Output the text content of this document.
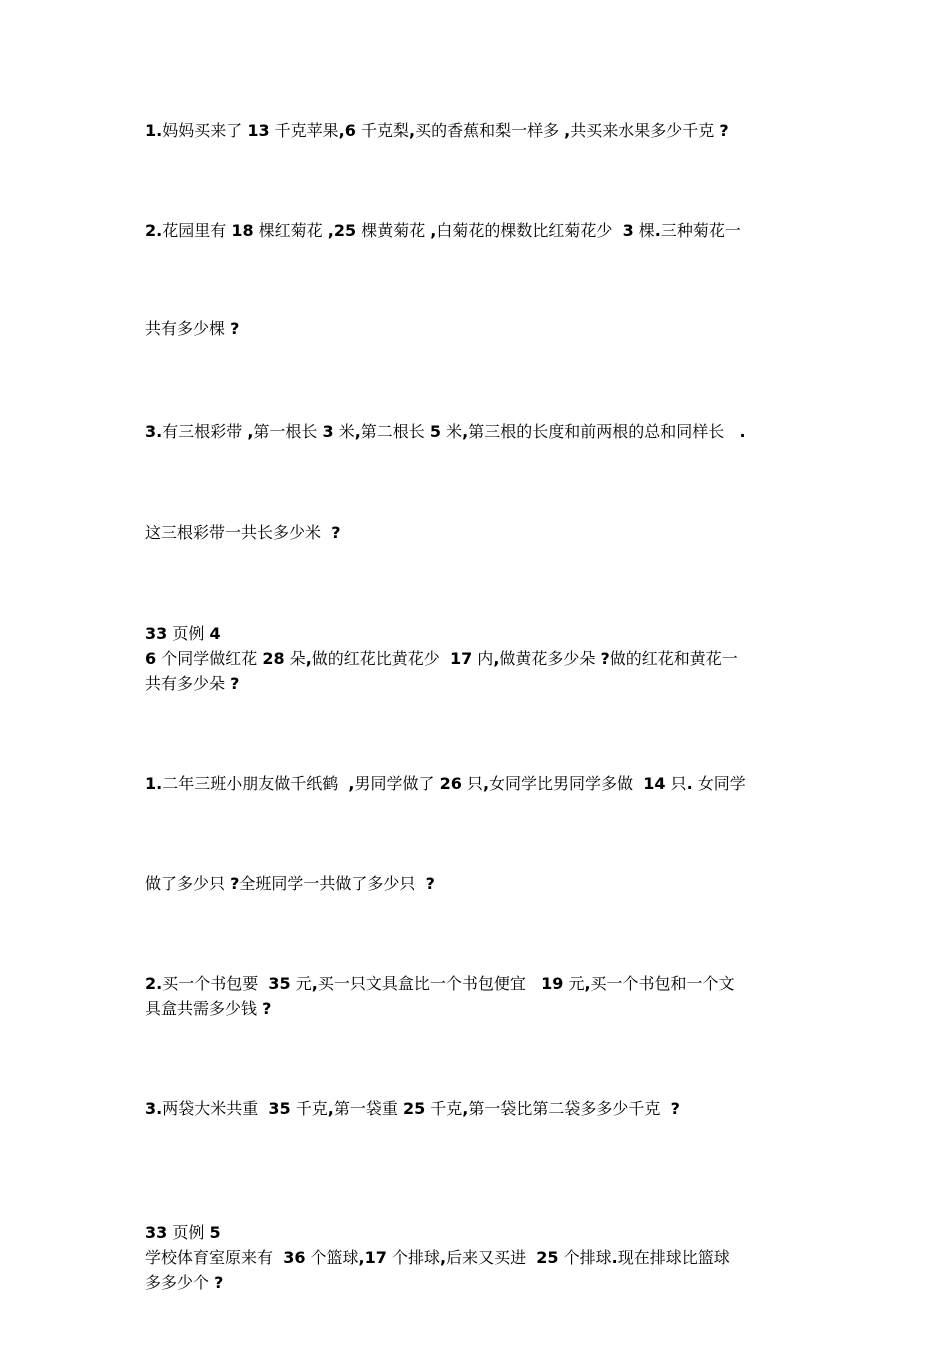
1.妈妈买来了 13 千克苹果,6 千克梨,买的香蕉和梨一样多 ,共买来水果多少千克 ?
2.花园里有 18 棵红菊花 ,25 棵黄菊花 ,白菊花的棵数比红菊花少  3 棵.三种菊花一
共有多少棵 ?
3.有三根彩带 ,第一根长 3 米,第二根长 5 米,第三根的长度和前两根的总和同样长   .
这三根彩带一共长多少米  ?
33 页例 4
6 个同学做红花 28 朵,做的红花比黄花少  17 内,做黄花多少朵 ?做的红花和黄花一
共有多少朵 ?
1.二年三班小朋友做千纸鹤  ,男同学做了 26 只,女同学比男同学多做  14 只. 女同学
做了多少只 ?全班同学一共做了多少只  ?
2.买一个书包要  35 元,买一只文具盒比一个书包便宜   19 元,买一个书包和一个文
具盒共需多少钱 ?
3.两袋大米共重  35 千克,第一袋重 25 千克,第一袋比第二袋多多少千克  ?
33 页例 5
学校体育室原来有  36 个篮球,17 个排球,后来又买进  25 个排球.现在排球比篮球
多多少个 ?
